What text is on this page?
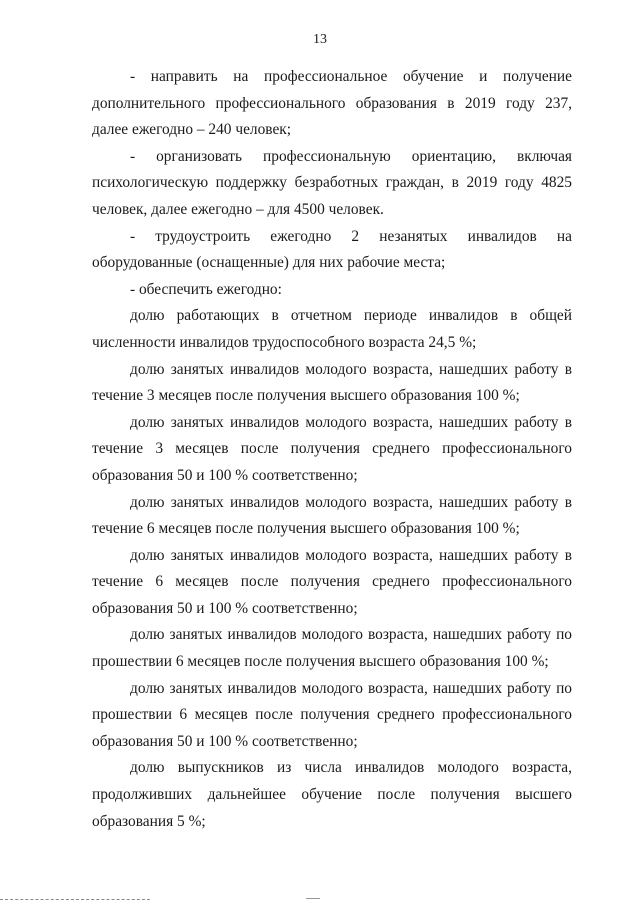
13

- направить на профессиональное обучение и получение дополнительного профессионального образования в 2019 году 237, далее ежегодно – 240 человек;

- организовать профессиональную ориентацию, включая психологическую поддержку безработных граждан, в 2019 году 4825 человек, далее ежегодно – для 4500 человек.

- трудоустроить ежегодно 2 незанятых инвалидов на оборудованные (оснащенные) для них рабочие места;

- обеспечить ежегодно:

долю работающих в отчетном периоде инвалидов в общей численности инвалидов трудоспособного возраста 24,5 %;

долю занятых инвалидов молодого возраста, нашедших работу в течение 3 месяцев после получения высшего образования 100 %;

долю занятых инвалидов молодого возраста, нашедших работу в течение 3 месяцев после получения среднего профессионального образования 50 и 100 % соответственно;

долю занятых инвалидов молодого возраста, нашедших работу в течение 6 месяцев после получения высшего образования 100 %;

долю занятых инвалидов молодого возраста, нашедших работу в течение 6 месяцев после получения среднего профессионального образования 50 и 100 % соответственно;

долю занятых инвалидов молодого возраста, нашедших работу по прошествии 6 месяцев после получения высшего образования 100 %;

долю занятых инвалидов молодого возраста, нашедших работу по прошествии 6 месяцев после получения среднего профессионального образования 50 и 100 % соответственно;

долю выпускников из числа инвалидов молодого возраста, продолживших дальнейшее обучение после получения высшего образования 5 %;
